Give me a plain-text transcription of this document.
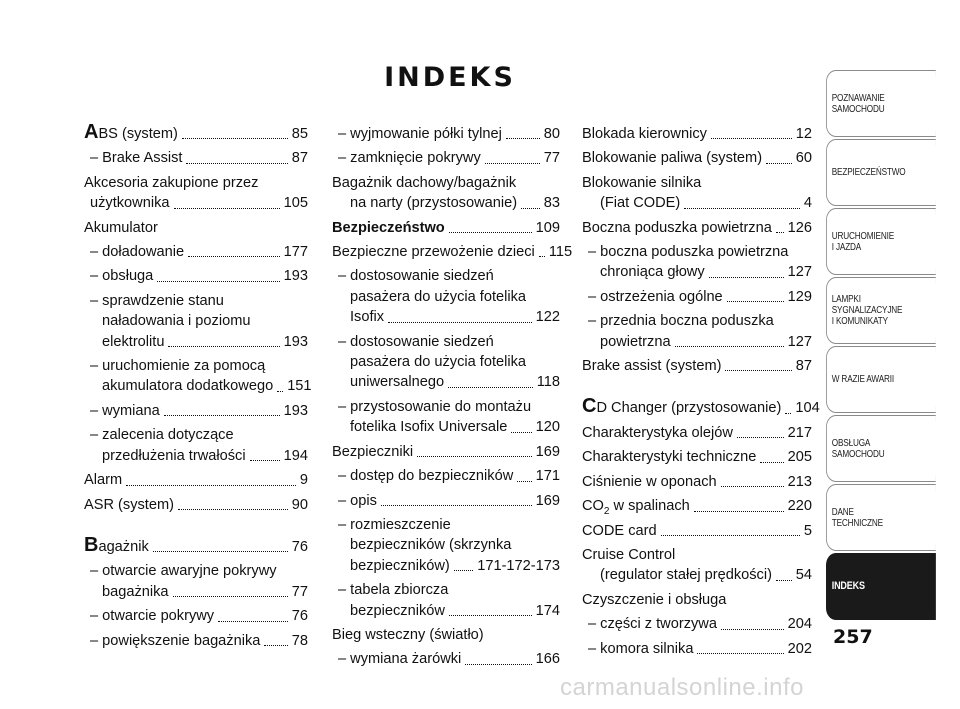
INDEKS
ABS (system)	85
– Brake Assist	87
Akcesoria zakupione przez
użytkownika	105
Akumulator
– doładowanie	177
– obsługa	193
– sprawdzenie stanu
naładowania i poziomu
elektrolitu	193
– uruchomienie za pomocą
akumulatora dodatkowego 151
– wymiana	193
– zalecenia dotyczące
przedłużenia trwałości	194
Alarm	9
ASR (system)	90
Bagażnik	76
– otwarcie awaryjne pokrywy
bagażnika	77
– otwarcie pokrywy	76
– powiększenie bagażnika 78
– wyjmowanie półki tylnej	80
– zamknięcie pokrywy	77
Bagażnik dachowy/bagażnik
na narty (przystosowanie) 83
Bezpieczeństwo	109
Bezpieczne przewożenie dzieci 115
– dostosowanie siedzeń
pasażera do użycia fotelika
Isofix	122
– dostosowanie siedzeń
pasażera do użycia fotelika
uniwersalnego	118
– przystosowanie do montażu
fotelika Isofix Universale 120
Bezpieczniki	169
– dostęp do bezpieczników 171
– opis	169
– rozmieszczenie
bezpieczników (skrzynka
bezpieczników) 171-172-173
– tabela zbiorcza
bezpieczników	174
Bieg wsteczny (światło)
– wymiana żarówki	166
Blokada kierownicy	12
Blokowanie paliwa (system) 60
Blokowanie silnika
(Fiat CODE)	4
Boczna poduszka powietrzna 126
– boczna poduszka powietrzna
chroniąca głowy	127
– ostrzeżenia ogólne	129
– przednia boczna poduszka
powietrzna	127
Brake assist (system)	87
CD Changer (przystosowanie) 104
Charakterystyka olejów	217
Charakterystyki techniczne 205
Ciśnienie w oponach	213
$CO_2$ w spalinach	220
CODE card	5
Cruise Control
(regulator stałej prędkości) 54
Czyszczenie i obsługa
– części z tworzywa	204
– komora silnika	202
POZNAWANIE
SAMOCHODU
BEZPIECZEŃSTWO
URUCHOMIENIE
I JAZDA
LAMPKI
SYGNALIZACYJNE
I KOMUNIKATY
W RAZIE AWARII
OBSŁUGA
SAMOCHODU
DANE
TECHNICZNE
INDEKS
257
carmanualsonline.info
